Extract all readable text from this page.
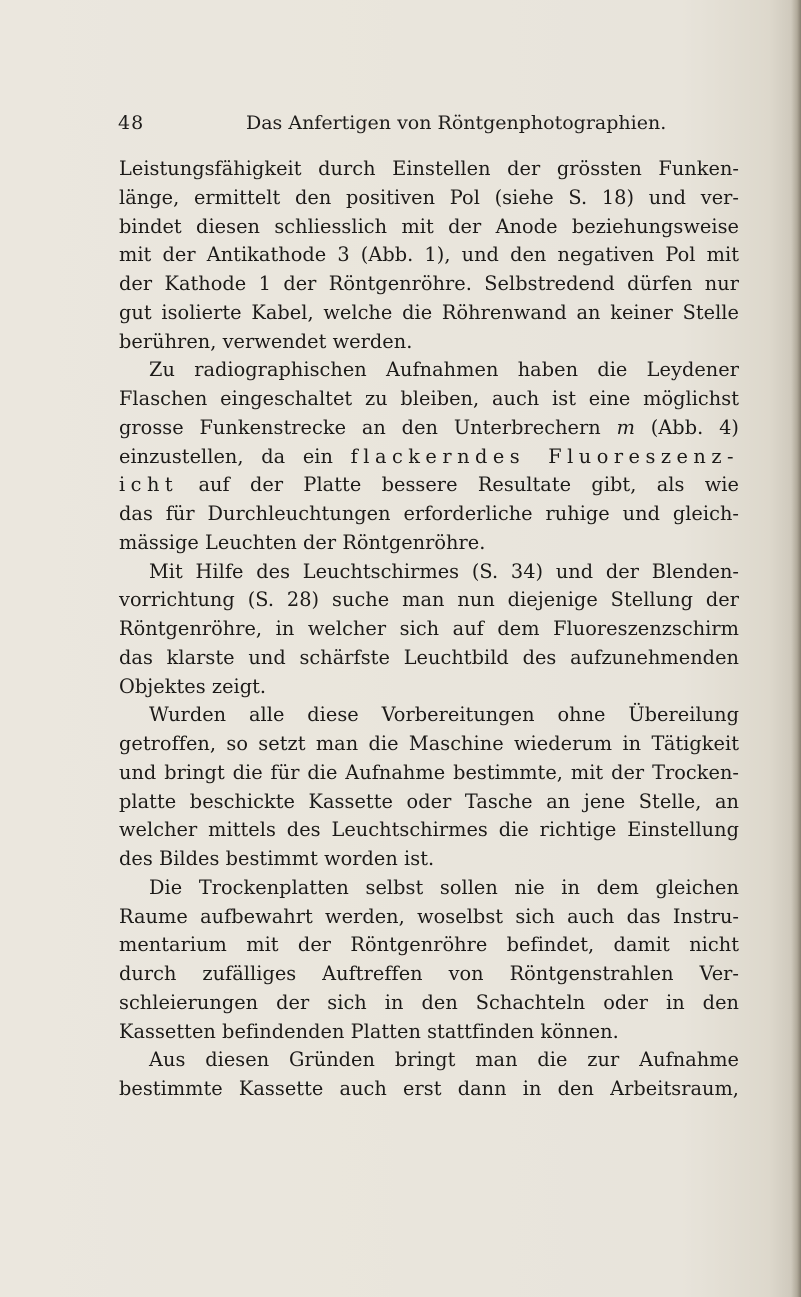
48	Das Anfertigen von Röntgenphotographien.
Leistungsfähigkeit durch Einstellen der grössten Funken-
länge, ermittelt den positiven Pol (siehe S. 18) und ver-
bindet diesen schliesslich mit der Anode beziehungsweise
mit der Antikathode 3 (Abb. 1), und den negativen Pol mit
der Kathode 1 der Röntgenröhre. Selbstredend dürfen nur
gut isolierte Kabel, welche die Röhrenwand an keiner Stelle
berühren, verwendet werden.
Zu radiographischen Aufnahmen haben die Leydener
Flaschen eingeschaltet zu bleiben, auch ist eine möglichst
grosse Funkenstrecke an den Unterbrechern m (Abb. 4)
einzustellen, da ein flackerndes Fluoreszenz-
icht auf der Platte bessere Resultate gibt, als wie
das für Durchleuchtungen erforderliche ruhige und gleich-
mässige Leuchten der Röntgenröhre.
Mit Hilfe des Leuchtschirmes (S. 34) und der Blenden-
vorrichtung (S. 28) suche man nun diejenige Stellung der
Röntgenröhre, in welcher sich auf dem Fluoreszenzschirm
das klarste und schärfste Leuchtbild des aufzunehmenden
Objektes zeigt.
Wurden alle diese Vorbereitungen ohne Übereilung
getroffen, so setzt man die Maschine wiederum in Tätigkeit
und bringt die für die Aufnahme bestimmte, mit der Trocken-
platte beschickte Kassette oder Tasche an jene Stelle, an
welcher mittels des Leuchtschirmes die richtige Einstellung
des Bildes bestimmt worden ist.
Die Trockenplatten selbst sollen nie in dem gleichen
Raume aufbewahrt werden, woselbst sich auch das Instru-
mentarium mit der Röntgenröhre befindet, damit nicht
durch zufälliges Auftreffen von Röntgenstrahlen Ver-
schleierungen der sich in den Schachteln oder in den
Kassetten befindenden Platten stattfinden können.
Aus diesen Gründen bringt man die zur Aufnahme
bestimmte Kassette auch erst dann in den Arbeitsraum,
